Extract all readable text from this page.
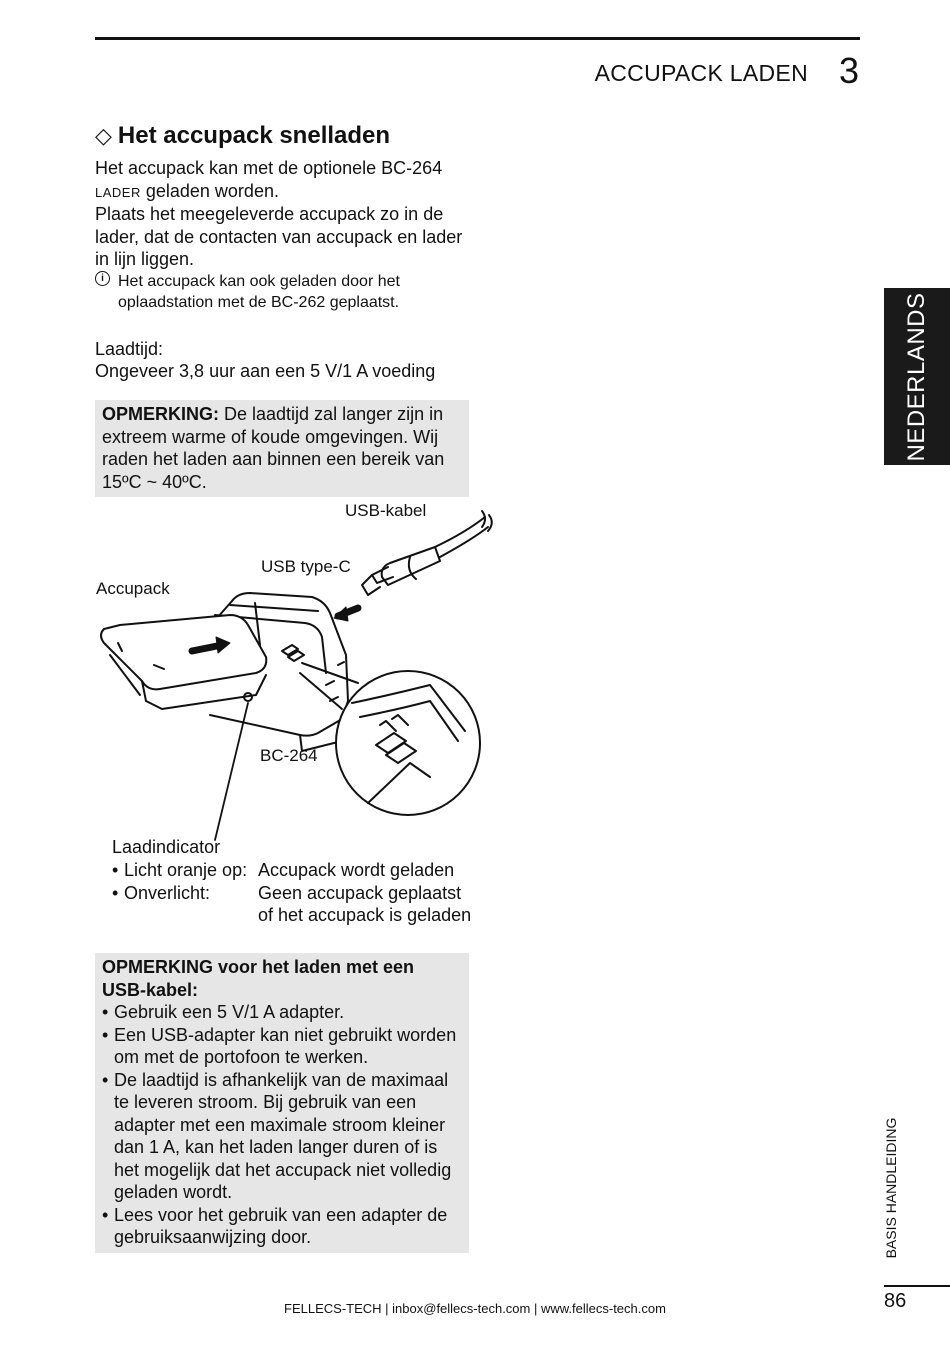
ACCUPACK LADEN 3
◇ Het accupack snelladen
Het accupack kan met de optionele BC-264
LADER geladen worden.
Plaats het meegeleverde accupack zo in de lader, dat de contacten van accupack en lader in lijn liggen.
i Het accupack kan ook geladen door het oplaadstation met de BC-262 geplaatst.
Laadtijd:
Ongeveer 3,8 uur aan een 5 V/1 A voeding
OPMERKING: De laadtijd zal langer zijn in extreem warme of koude omgevingen. Wij raden het laden aan binnen een bereik van 15ºC ~ 40ºC.
USB-kabel
USB type-C
Accupack
BC-264
Laadindicator
• Licht oranje op: Accupack wordt geladen
• Onverlicht:	Geen accupack geplaatst
of het accupack is geladen
OPMERKING voor het laden met een USB-kabel:
• Gebruik een 5 V/1 A adapter.
• Een USB-adapter kan niet gebruikt worden om met de portofoon te werken.
• De laadtijd is afhankelijk van de maximaal te leveren stroom. Bij gebruik van een adapter met een maximale stroom kleiner dan 1 A, kan het laden langer duren of is het mogelijk dat het accupack niet volledig geladen wordt.
• Lees voor het gebruik van een adapter de gebruiksaanwijzing door.
NEDERLANDS
BASIS HANDLEIDING
86
FELLECS-TECH | inbox@fellecs-tech.com | www.fellecs-tech.com
